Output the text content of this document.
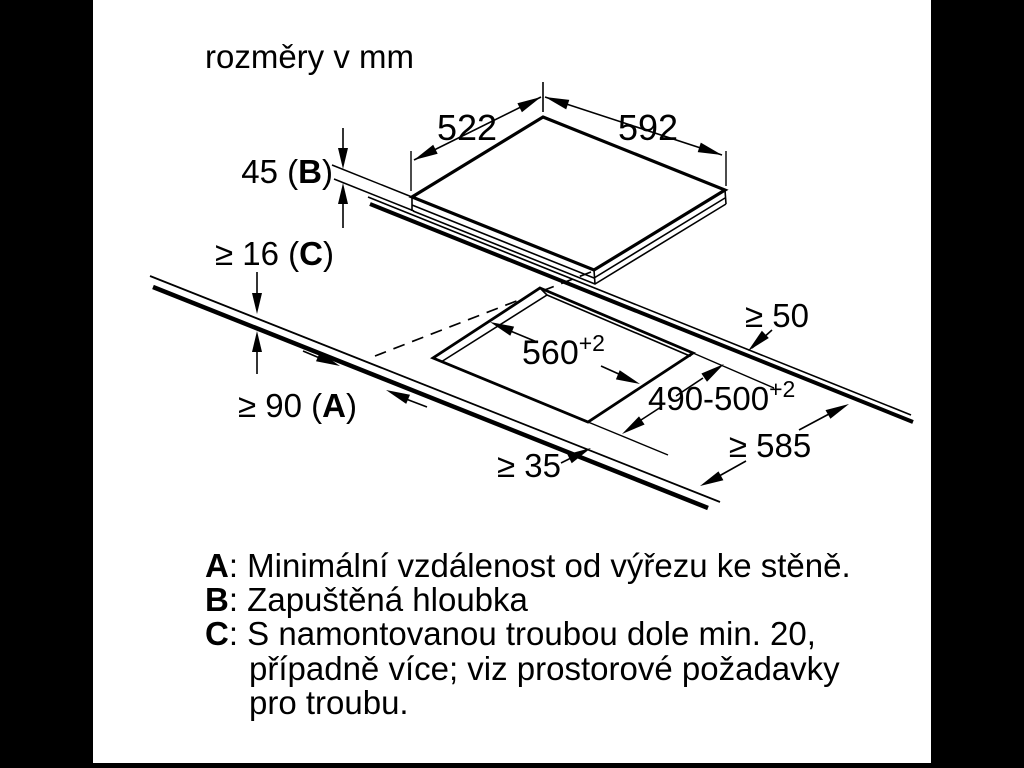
rozměry v mm
522	592
45 (B)
≥ 16 (C)
≥ 90 (A)
560+2
$490-500^{+2}$
≥ 50
≥ 35
≥ 585
A: Minimální vzdálenost od výřezu ke stěně.
B: Zapuštěná hloubka
C: S namontovanou troubou dole min. 20,
případně více; viz prostorové požadavky
pro troubu.
